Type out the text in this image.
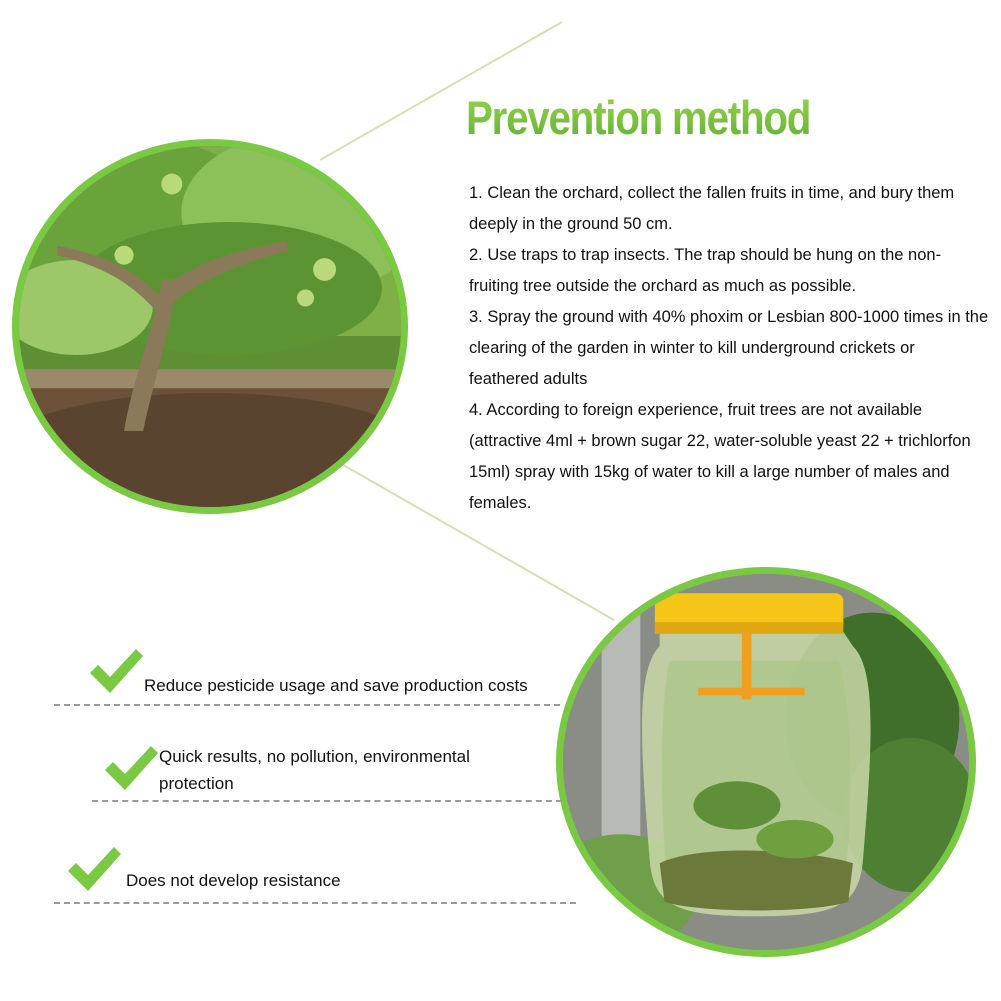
Prevention method

1. Clean the orchard, collect the fallen fruits in time, and bury them deeply in the ground 50 cm.

2. Use traps to trap insects. The trap should be hung on the non-fruiting tree outside the orchard as much as possible.

3. Spray the ground with 40% phoxim or Lesbian 800-1000 times in the clearing of the garden in winter to kill underground crickets or feathered adults

4. According to foreign experience, fruit trees are not available (attractive 4ml + brown sugar 22, water-soluble yeast 22 + trichlorfon 15ml) spray with 15kg of water to kill a large number of males and females.

Reduce pesticide usage and save production costs
Quick results, no pollution, environmental protection
Does not develop resistance
